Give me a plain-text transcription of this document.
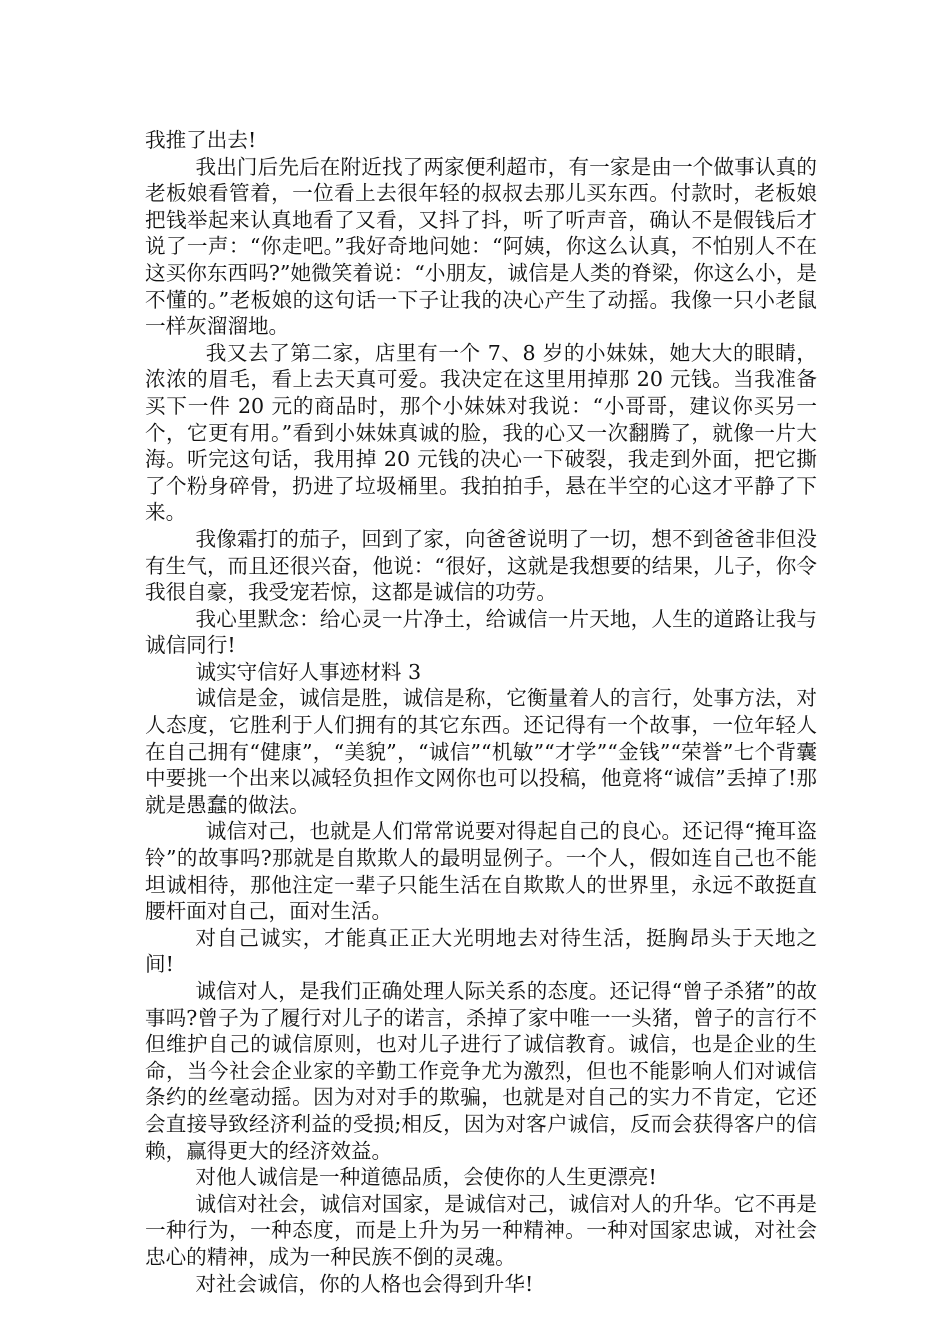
我推了出去!

我出门后先后在附近找了两家便利超市，有一家是由一个做事认真的老板娘看管着，一位看上去很年轻的叔叔去那儿买东西。付款时，老板娘把钱举起来认真地看了又看，又抖了抖，听了听声音，确认不是假钱后才说了一声：“你走吧。”我好奇地问她：“阿姨，你这么认真，不怕别人不在这买你东西吗?”她微笑着说：“小朋友，诚信是人类的脊梁，你这么小，是不懂的。”老板娘的这句话一下子让我的决心产生了动摇。我像一只小老鼠一样灰溜溜地。

我又去了第二家，店里有一个 7、8 岁的小妹妹，她大大的眼睛，浓浓的眉毛，看上去天真可爱。我决定在这里用掉那 20 元钱。当我准备买下一件 20 元的商品时，那个小妹妹对我说：“小哥哥，建议你买另一个，它更有用。”看到小妹妹真诚的脸，我的心又一次翻腾了，就像一片大海。听完这句话，我用掉 20 元钱的决心一下破裂，我走到外面，把它撕了个粉身碎骨，扔进了垃圾桶里。我拍拍手，悬在半空的心这才平静了下来。

我像霜打的茄子，回到了家，向爸爸说明了一切，想不到爸爸非但没有生气，而且还很兴奋，他说：“很好，这就是我想要的结果，儿子，你令我很自豪，我受宠若惊，这都是诚信的功劳。

我心里默念：给心灵一片净土，给诚信一片天地，人生的道路让我与诚信同行!

诚实守信好人事迹材料 3

诚信是金，诚信是胜，诚信是称，它衡量着人的言行，处事方法，对人态度，它胜利于人们拥有的其它东西。还记得有一个故事，一位年轻人在自己拥有“健康”，“美貌”，“诚信”“机敏”“才学”“金钱”“荣誉”七个背囊中要挑一个出来以减轻负担作文网你也可以投稿，他竟将“诚信”丢掉了!那就是愚蠢的做法。

诚信对己，也就是人们常常说要对得起自己的良心。还记得“掩耳盗铃”的故事吗?那就是自欺欺人的最明显例子。一个人，假如连自己也不能坦诚相待，那他注定一辈子只能生活在自欺欺人的世界里，永远不敢挺直腰杆面对自己，面对生活。

对自己诚实，才能真正正大光明地去对待生活，挺胸昂头于天地之间!

诚信对人，是我们正确处理人际关系的态度。还记得“曾子杀猪”的故事吗?曾子为了履行对儿子的诺言，杀掉了家中唯一一头猪，曾子的言行不但维护自己的诚信原则，也对儿子进行了诚信教育。诚信，也是企业的生命，当今社会企业家的辛勤工作竞争尤为激烈，但也不能影响人们对诚信条约的丝毫动摇。因为对对手的欺骗，也就是对自己的实力不肯定，它还会直接导致经济利益的受损;相反，因为对客户诚信，反而会获得客户的信赖，赢得更大的经济效益。

对他人诚信是一种道德品质，会使你的人生更漂亮!

诚信对社会，诚信对国家，是诚信对己，诚信对人的升华。它不再是一种行为，一种态度，而是上升为另一种精神。一种对国家忠诚，对社会忠心的精神，成为一种民族不倒的灵魂。

对社会诚信，你的人格也会得到升华!
